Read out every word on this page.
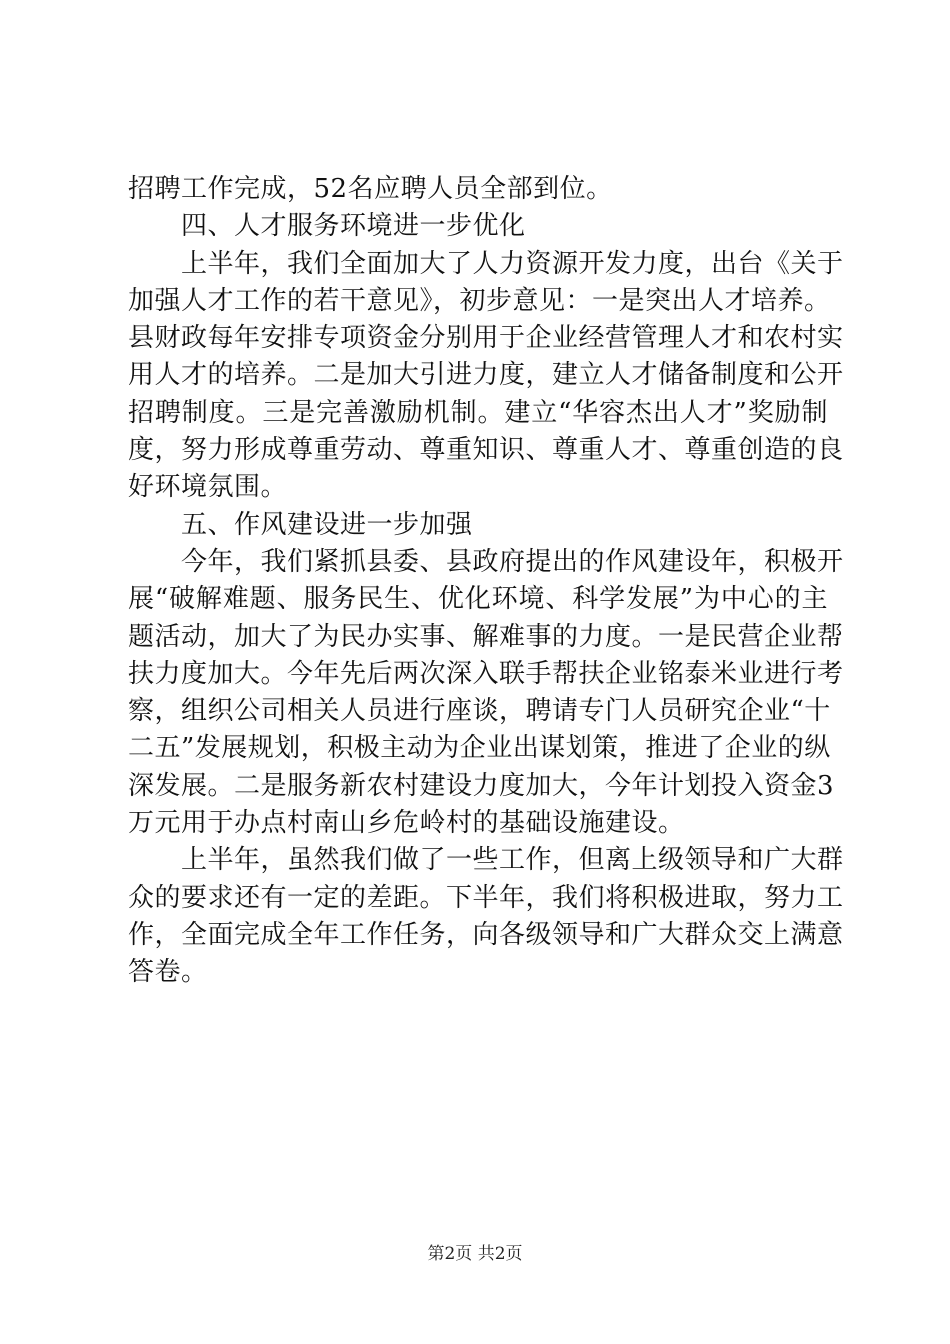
招聘工作完成，52名应聘人员全部到位。
四、人才服务环境进一步优化
上半年，我们全面加大了人力资源开发力度，出台《关于
加强人才工作的若干意见》，初步意见：一是突出人才培养。
县财政每年安排专项资金分别用于企业经营管理人才和农村实
用人才的培养。二是加大引进力度，建立人才储备制度和公开
招聘制度。三是完善激励机制。建立“华容杰出人才”奖励制
度，努力形成尊重劳动、尊重知识、尊重人才、尊重创造的良
好环境氛围。
五、作风建设进一步加强
今年，我们紧抓县委、县政府提出的作风建设年，积极开
展“破解难题、服务民生、优化环境、科学发展”为中心的主
题活动，加大了为民办实事、解难事的力度。一是民营企业帮
扶力度加大。今年先后两次深入联手帮扶企业铭泰米业进行考
察，组织公司相关人员进行座谈，聘请专门人员研究企业“十
二五”发展规划，积极主动为企业出谋划策，推进了企业的纵
深发展。二是服务新农村建设力度加大，今年计划投入资金3
万元用于办点村南山乡危岭村的基础设施建设。
上半年，虽然我们做了一些工作，但离上级领导和广大群
众的要求还有一定的差距。下半年，我们将积极进取，努力工
作，全面完成全年工作任务，向各级领导和广大群众交上满意
答卷。
第2页 共2页
